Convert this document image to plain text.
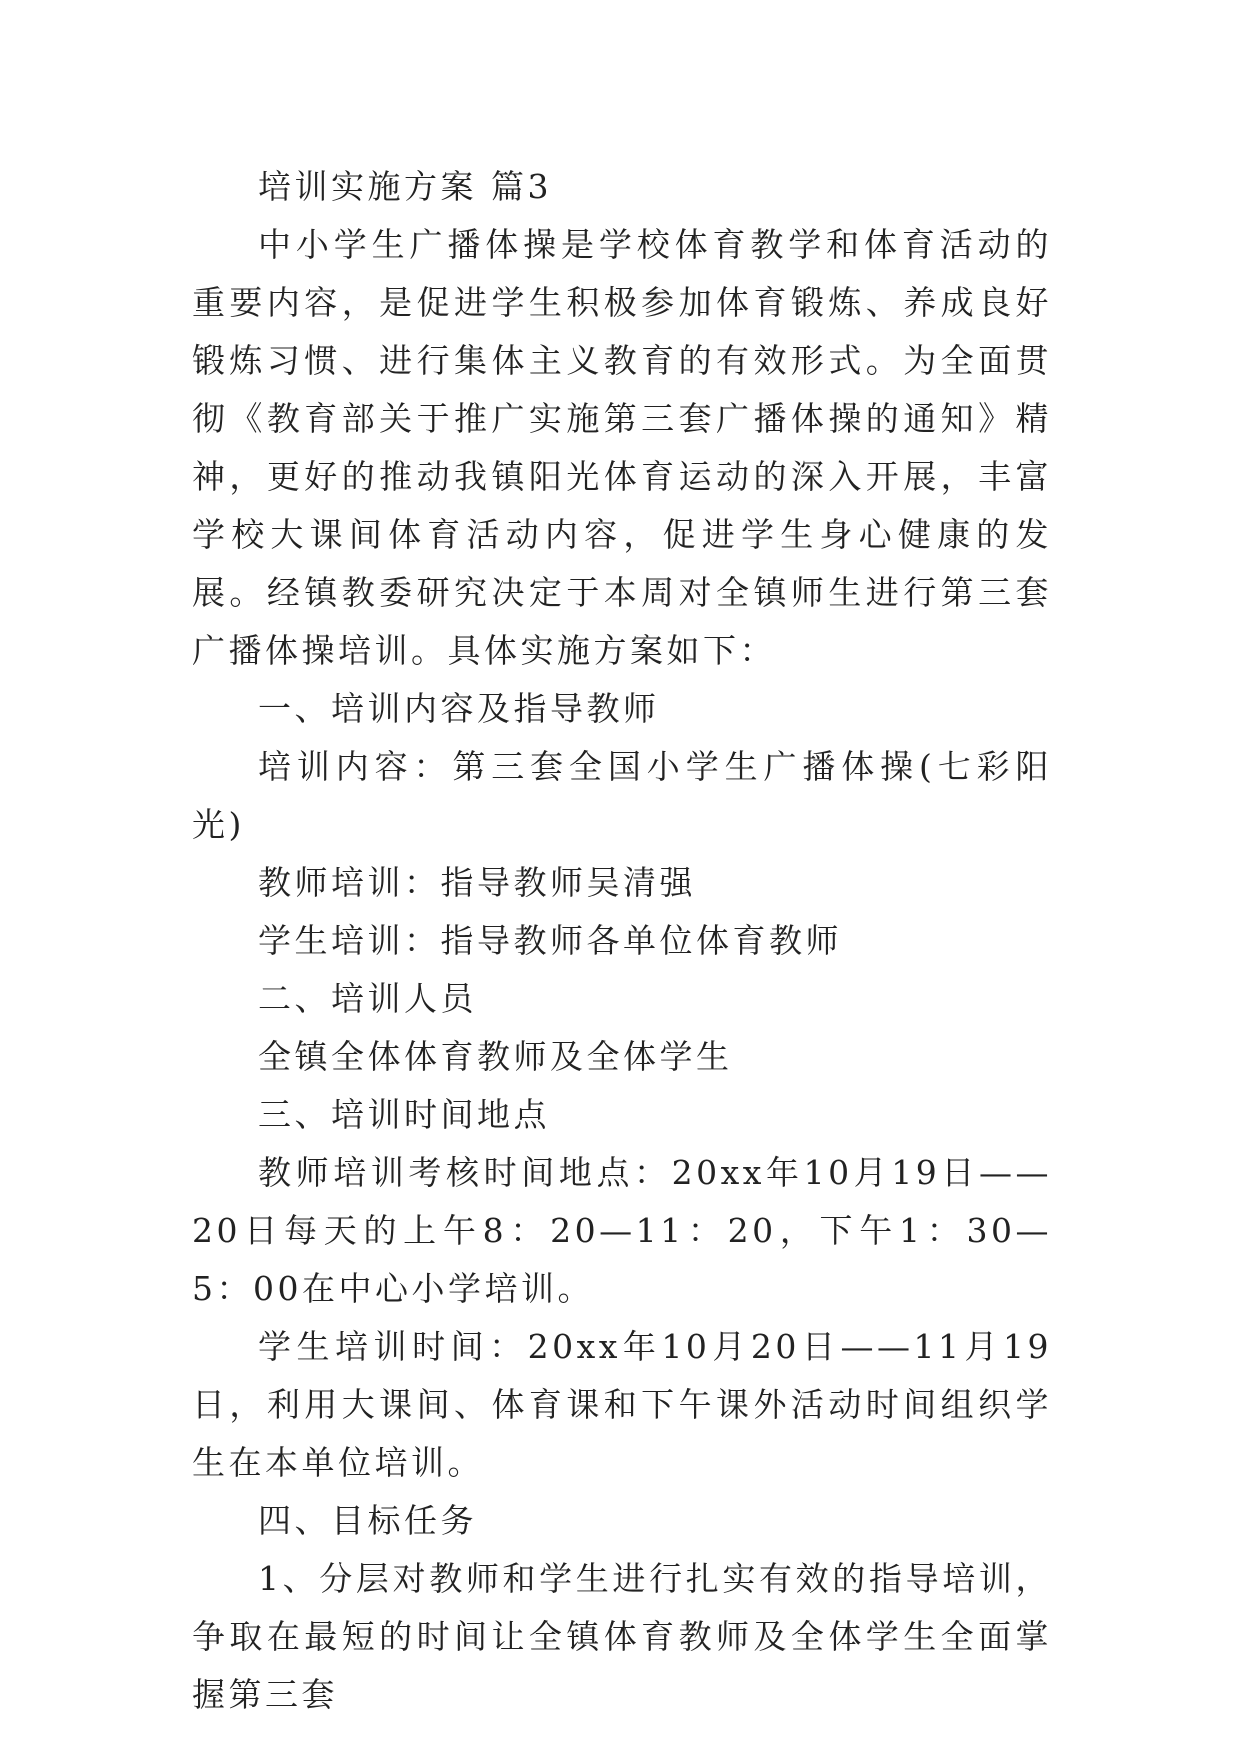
培训实施方案 篇3

中小学生广播体操是学校体育教学和体育活动的重要内容，是促进学生积极参加体育锻炼、养成良好锻炼习惯、进行集体主义教育的有效形式。为全面贯彻《教育部关于推广实施第三套广播体操的通知》精神，更好的推动我镇阳光体育运动的深入开展，丰富学校大课间体育活动内容，促进学生身心健康的发展。经镇教委研究决定于本周对全镇师生进行第三套广播体操培训。具体实施方案如下：

一、培训内容及指导教师

培训内容：第三套全国小学生广播体操(七彩阳光)

教师培训：指导教师吴清强

学生培训：指导教师各单位体育教师

二、培训人员

全镇全体体育教师及全体学生

三、培训时间地点

教师培训考核时间地点：20xx年10月19日——20日每天的上午8：20—11：20，下午1：30—5：00在中心小学培训。

学生培训时间：20xx年10月20日——11月19日，利用大课间、体育课和下午课外活动时间组织学生在本单位培训。

四、目标任务

1、分层对教师和学生进行扎实有效的指导培训，争取在最短的时间让全镇体育教师及全体学生全面掌握第三套
